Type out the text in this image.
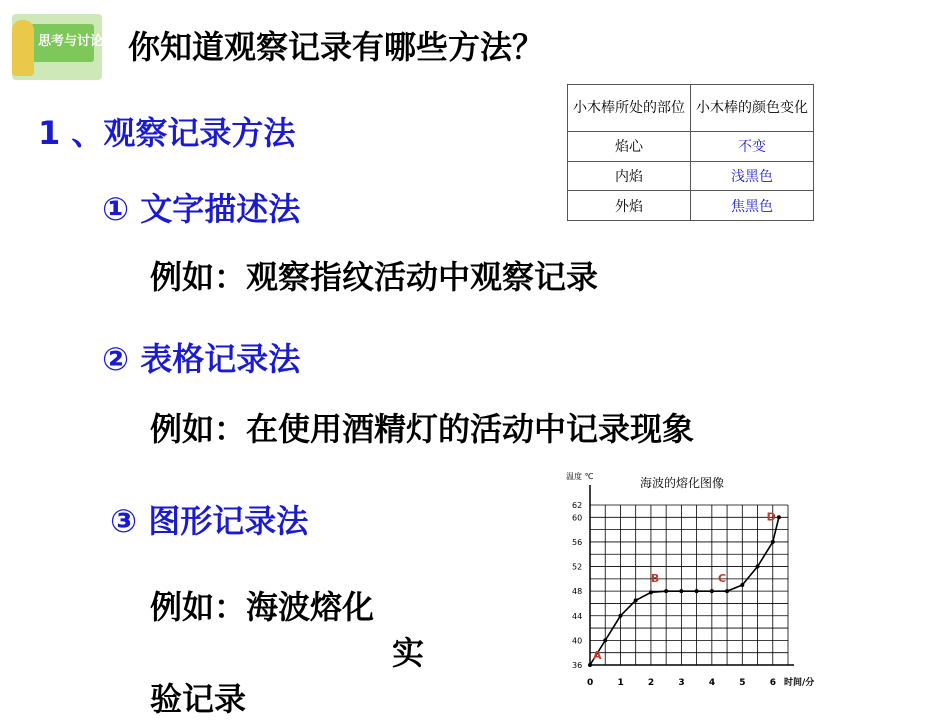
思考与讨论 你知道观察记录有哪些方法？
1 、观察记录方法
① 文字描述法
例如：观察指纹活动中观察记录
② 表格记录法
例如：在使用酒精灯的活动中记录现象
③ 图形记录法
例如：海波熔化
实
验记录
小木棒所处的部位	小木棒的颜色变化
焰心	不变
内焰	浅黑色
外焰	焦黑色
海波的熔化图像
温度 ℃
时间/分
0	1	2	3	4	5	6
36
40
44
48
52
56
60
62
A
B	C
D
